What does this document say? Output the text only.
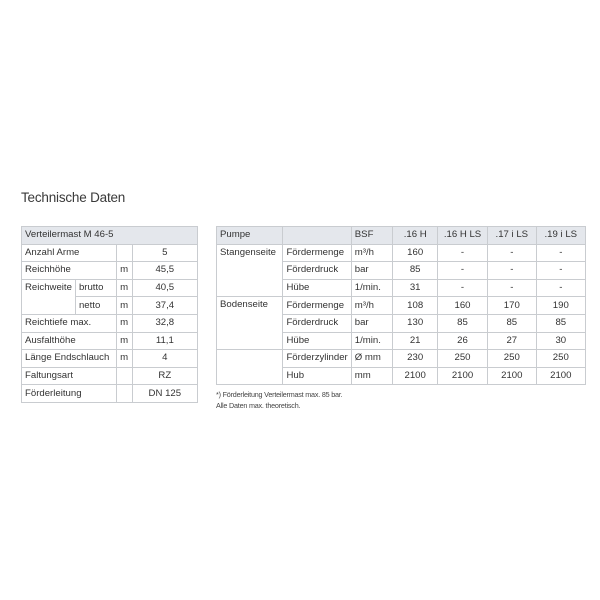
Technische Daten
Verteilermast M 46-5			
Anzahl Arme			5
Reichhöhe		m	45,5
Reichweite	brutto	m	40,5
	netto	m	37,4
Reichtiefe max.		m	32,8
Ausfalthöhe		m	11,1
Länge Endschlauch		m	4
Faltungsart			RZ
Förderleitung			DN 125
Pumpe		BSF	.16 H	.16 H LS	.17 i LS	.19 i LS
Stangenseite	Fördermenge	m³/h	160	-	-	-
	Förderdruck	bar	85	-	-	-
	Hübe	1/min.	31	-	-	-
Bodenseite	Fördermenge	m³/h	108	160	170	190
	Förderdruck	bar	130	85	85	85
	Hübe	1/min.	21	26	27	30
	Förderzylinder	Ø mm	230	250	250	250
	Hub	mm	2100	2100	2100	2100
*) Förderleitung Verteilermast max. 85 bar.
Alle Daten max. theoretisch.
